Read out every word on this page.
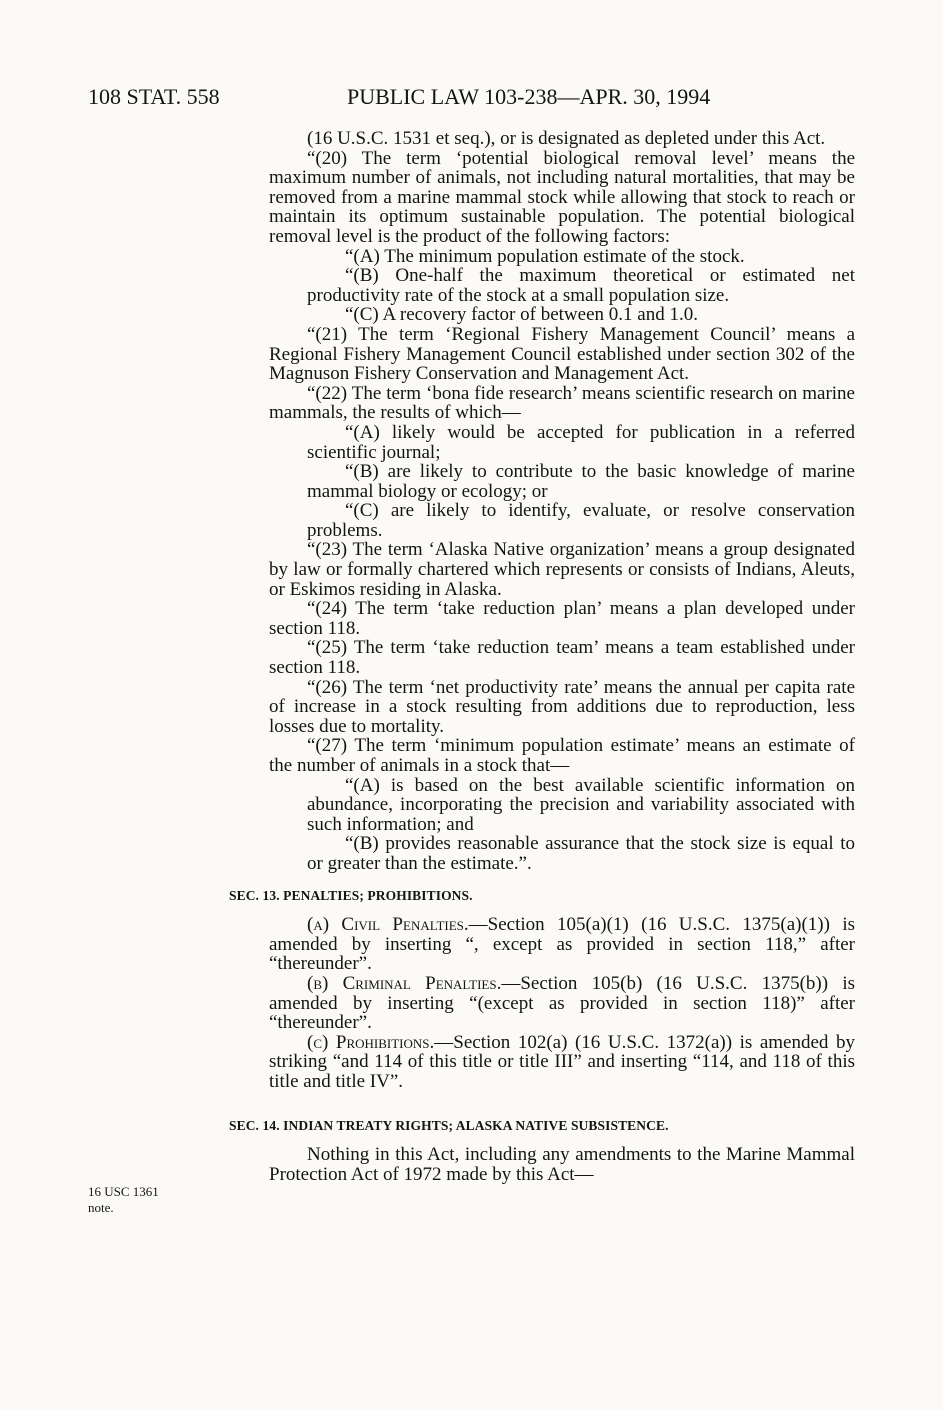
108 STAT. 558	PUBLIC LAW 103-238—APR. 30, 1994

(16 U.S.C. 1531 et seq.), or is designated as depleted under this Act.

“(20) The term ‘potential biological removal level’ means the maximum number of animals, not including natural mortalities, that may be removed from a marine mammal stock while allowing that stock to reach or maintain its optimum sustainable population. The potential biological removal level is the product of the following factors:

“(A) The minimum population estimate of the stock.

“(B) One-half the maximum theoretical or estimated net productivity rate of the stock at a small population size.

“(C) A recovery factor of between 0.1 and 1.0.

“(21) The term ‘Regional Fishery Management Council’ means a Regional Fishery Management Council established under section 302 of the Magnuson Fishery Conservation and Management Act.

“(22) The term ‘bona fide research’ means scientific research on marine mammals, the results of which—

“(A) likely would be accepted for publication in a referred scientific journal;

“(B) are likely to contribute to the basic knowledge of marine mammal biology or ecology; or

“(C) are likely to identify, evaluate, or resolve conservation problems.

“(23) The term ‘Alaska Native organization’ means a group designated by law or formally chartered which represents or consists of Indians, Aleuts, or Eskimos residing in Alaska.

“(24) The term ‘take reduction plan’ means a plan developed under section 118.

“(25) The term ‘take reduction team’ means a team established under section 118.

“(26) The term ‘net productivity rate’ means the annual per capita rate of increase in a stock resulting from additions due to reproduction, less losses due to mortality.

“(27) The term ‘minimum population estimate’ means an estimate of the number of animals in a stock that—

“(A) is based on the best available scientific information on abundance, incorporating the precision and variability associated with such information; and

“(B) provides reasonable assurance that the stock size is equal to or greater than the estimate.”.

SEC. 13. PENALTIES; PROHIBITIONS.

(a) Civil Penalties.—Section 105(a)(1) (16 U.S.C. 1375(a)(1)) is amended by inserting “, except as provided in section 118,” after “thereunder”.

(b) Criminal Penalties.—Section 105(b) (16 U.S.C. 1375(b)) is amended by inserting “(except as provided in section 118)” after “thereunder”.

(c) Prohibitions.—Section 102(a) (16 U.S.C. 1372(a)) is amended by striking “and 114 of this title or title III” and inserting “114, and 118 of this title and title IV”.

SEC. 14. INDIAN TREATY RIGHTS; ALASKA NATIVE SUBSISTENCE.

Nothing in this Act, including any amendments to the Marine Mammal Protection Act of 1972 made by this Act—

16 USC 1361
note.
